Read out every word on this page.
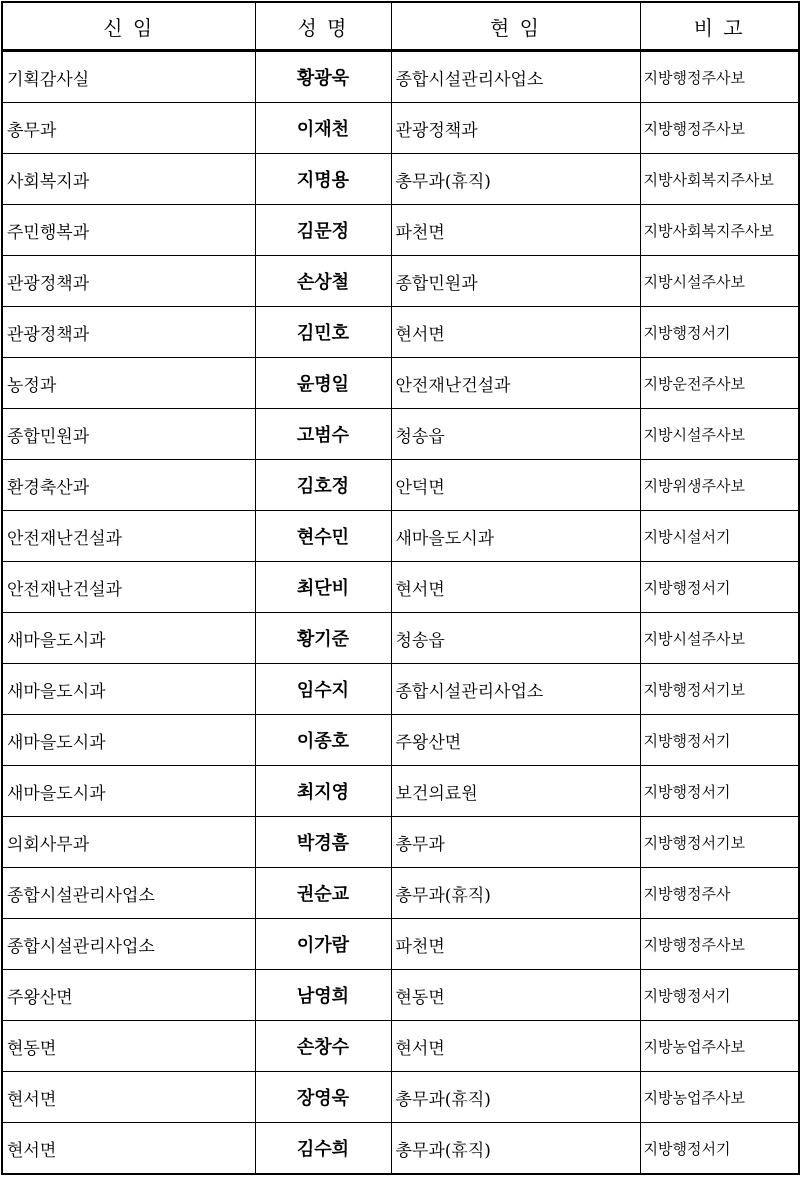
신 임	성 명	현 임	비 고
기획감사실	황광욱	종합시설관리사업소	지방행정주사보
총무과	이재천	관광정책과	지방행정주사보
사회복지과	지명용	총무과(휴직)	지방사회복지주사보
주민행복과	김문정	파천면	지방사회복지주사보
관광정책과	손상철	종합민원과	지방시설주사보
관광정책과	김민호	현서면	지방행정서기
농정과	윤명일	안전재난건설과	지방운전주사보
종합민원과	고범수	청송읍	지방시설주사보
환경축산과	김호정	안덕면	지방위생주사보
안전재난건설과	현수민	새마을도시과	지방시설서기
안전재난건설과	최단비	현서면	지방행정서기
새마을도시과	황기준	청송읍	지방시설주사보
새마을도시과	임수지	종합시설관리사업소	지방행정서기보
새마을도시과	이종호	주왕산면	지방행정서기
새마을도시과	최지영	보건의료원	지방행정서기
의회사무과	박경흠	총무과	지방행정서기보
종합시설관리사업소	권순교	총무과(휴직)	지방행정주사
종합시설관리사업소	이가람	파천면	지방행정주사보
주왕산면	남영희	현동면	지방행정서기
현동면	손창수	현서면	지방농업주사보
현서면	장영욱	총무과(휴직)	지방농업주사보
현서면	김수희	총무과(휴직)	지방행정서기
